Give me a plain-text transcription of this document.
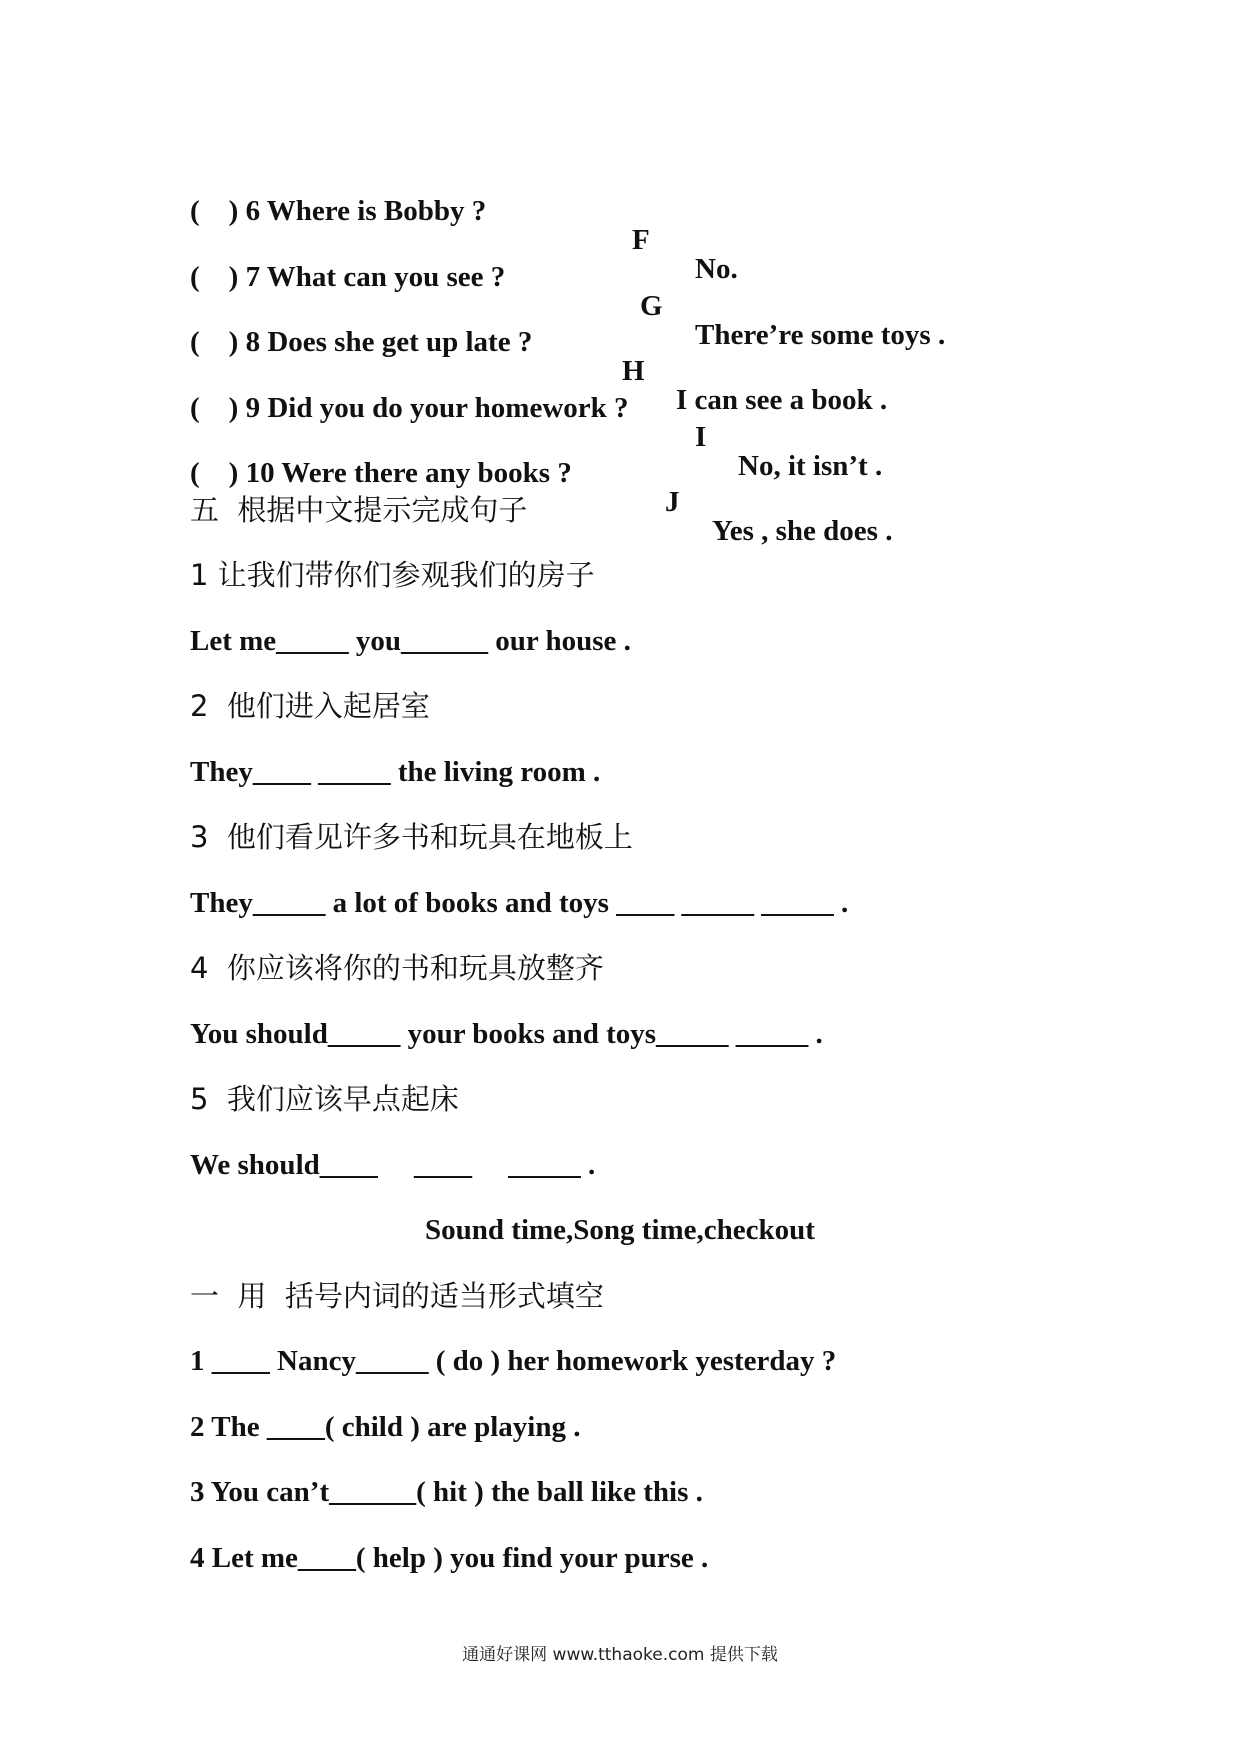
(    ) 6 Where is Bobby ?

F

No.

(    ) 7 What can you see ?

G

There’re some toys .

(    ) 8 Does she get up late ?

H

I can see a book .

(    ) 9 Did you do your homework ?

I

No, it isn’t .

(    ) 10 Were there any books ?

J

Yes , she does .

五  根据中文提示完成句子
1 让我们带你们参观我们的房子
Let me_____ you______ our house .
2  他们进入起居室
They____ _____ the living room .
3  他们看见许多书和玩具在地板上
They_____ a lot of books and toys ____ _____ _____ .
4  你应该将你的书和玩具放整齐
You should_____ your books and toys_____ _____ .
5  我们应该早点起床
We should____     ____     _____ .
Sound time,Song time,checkout
一  用  括号内词的适当形式填空
1 ____ Nancy_____ ( do ) her homework yesterday ?
2 The ____( child ) are playing .
3 You can’t______( hit ) the ball like this .
4 Let me____( help ) you find your purse .
通通好课网 www.tthaoke.com 提供下载
